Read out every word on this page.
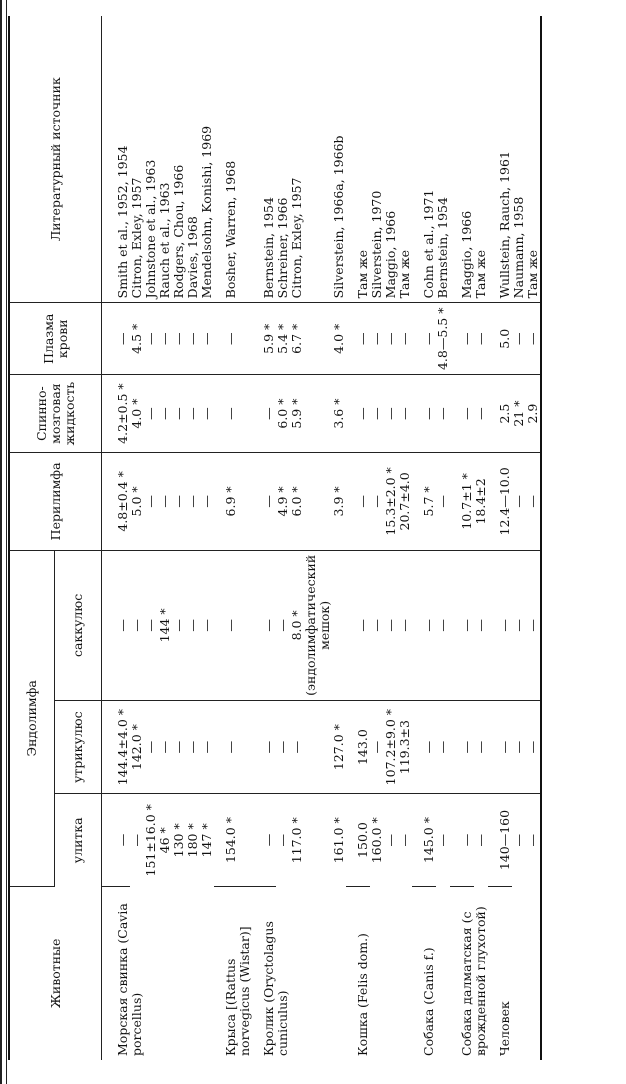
Животные	Эндолимфа			Перилимфа	Спинно-мозговая жидкость	Плазма крови	Литературный источник
	улитка	утрикулюс	саккулюс				
Морская свинка (Cavia porcellus)	—	144.4±4.0 *	—	4.8±0.4 *	4.2±0.5 *	—	Smith et al., 1952, 1954
	—	142.0 *	—	5.0 *	4.0 *	4.5 *	Citron, Exley, 1957
	151±16.0 *	—	—	—	—	—	Johnstone et al., 1963
	46 *	—	144 *	—	—	—	Rauch et al., 1963
	130 *	—	—	—	—	—	Rodgers, Chou, 1966
	180 *	—	—	—	—	—	Davies, 1968
	147 *	—	—	—	—	—	Mendelsohn, Konishi, 1969
Крыса [(Rattus norvegicus (Wistar)]	154.0 *	—	—	6.9 *	—	—	Bosher, Warren, 1968
Кролик (Oryctolagus cuniculus)	—	—	—	—	—	5.9 *	Bernstein, 1954
	—	—	—	4.9 *	6.0 *	5.4 *	Schreiner, 1966
	117.0 *	—	8.0 * (эндолимфатический мешок)	6.0 *	5.9 *	6.7 *	Citron, Exley, 1957
	161.0 *	127.0 *		3.9 *	3.6 *	4.0 *	Silverstein, 1966a, 1966b
Кошка (Felis dom.)	150.0	143.0	—	—	—	—	Там же
	160.0 *	—	—	—	—	—	Silverstein, 1970
	—	107.2±9.0 *	—	15.3±2.0 *	—	—	Maggio, 1966
	—	119.3±3	—	20.7±4.0	—	—	Там же
Собака (Canis f.)	145.0 *	—	—	5.7 *	—	—	Cohn et al., 1971
	—	—	—	—	—	4.8—5.5 *	Bernstein, 1954
Собака далматская (с врожденной глухотой)	—	—	—	10.7±1 *	—	—	Maggio, 1966
	—	—	—	18.4±2	—	—	Там же
Человек	140—160	—	—	12.4—10.0	2.5	5.0	Wullstein, Rauch, 1961
	—	—	—	—	21 *	—	Naumann, 1958
	—	—	—	—	2.9	—	Там же
